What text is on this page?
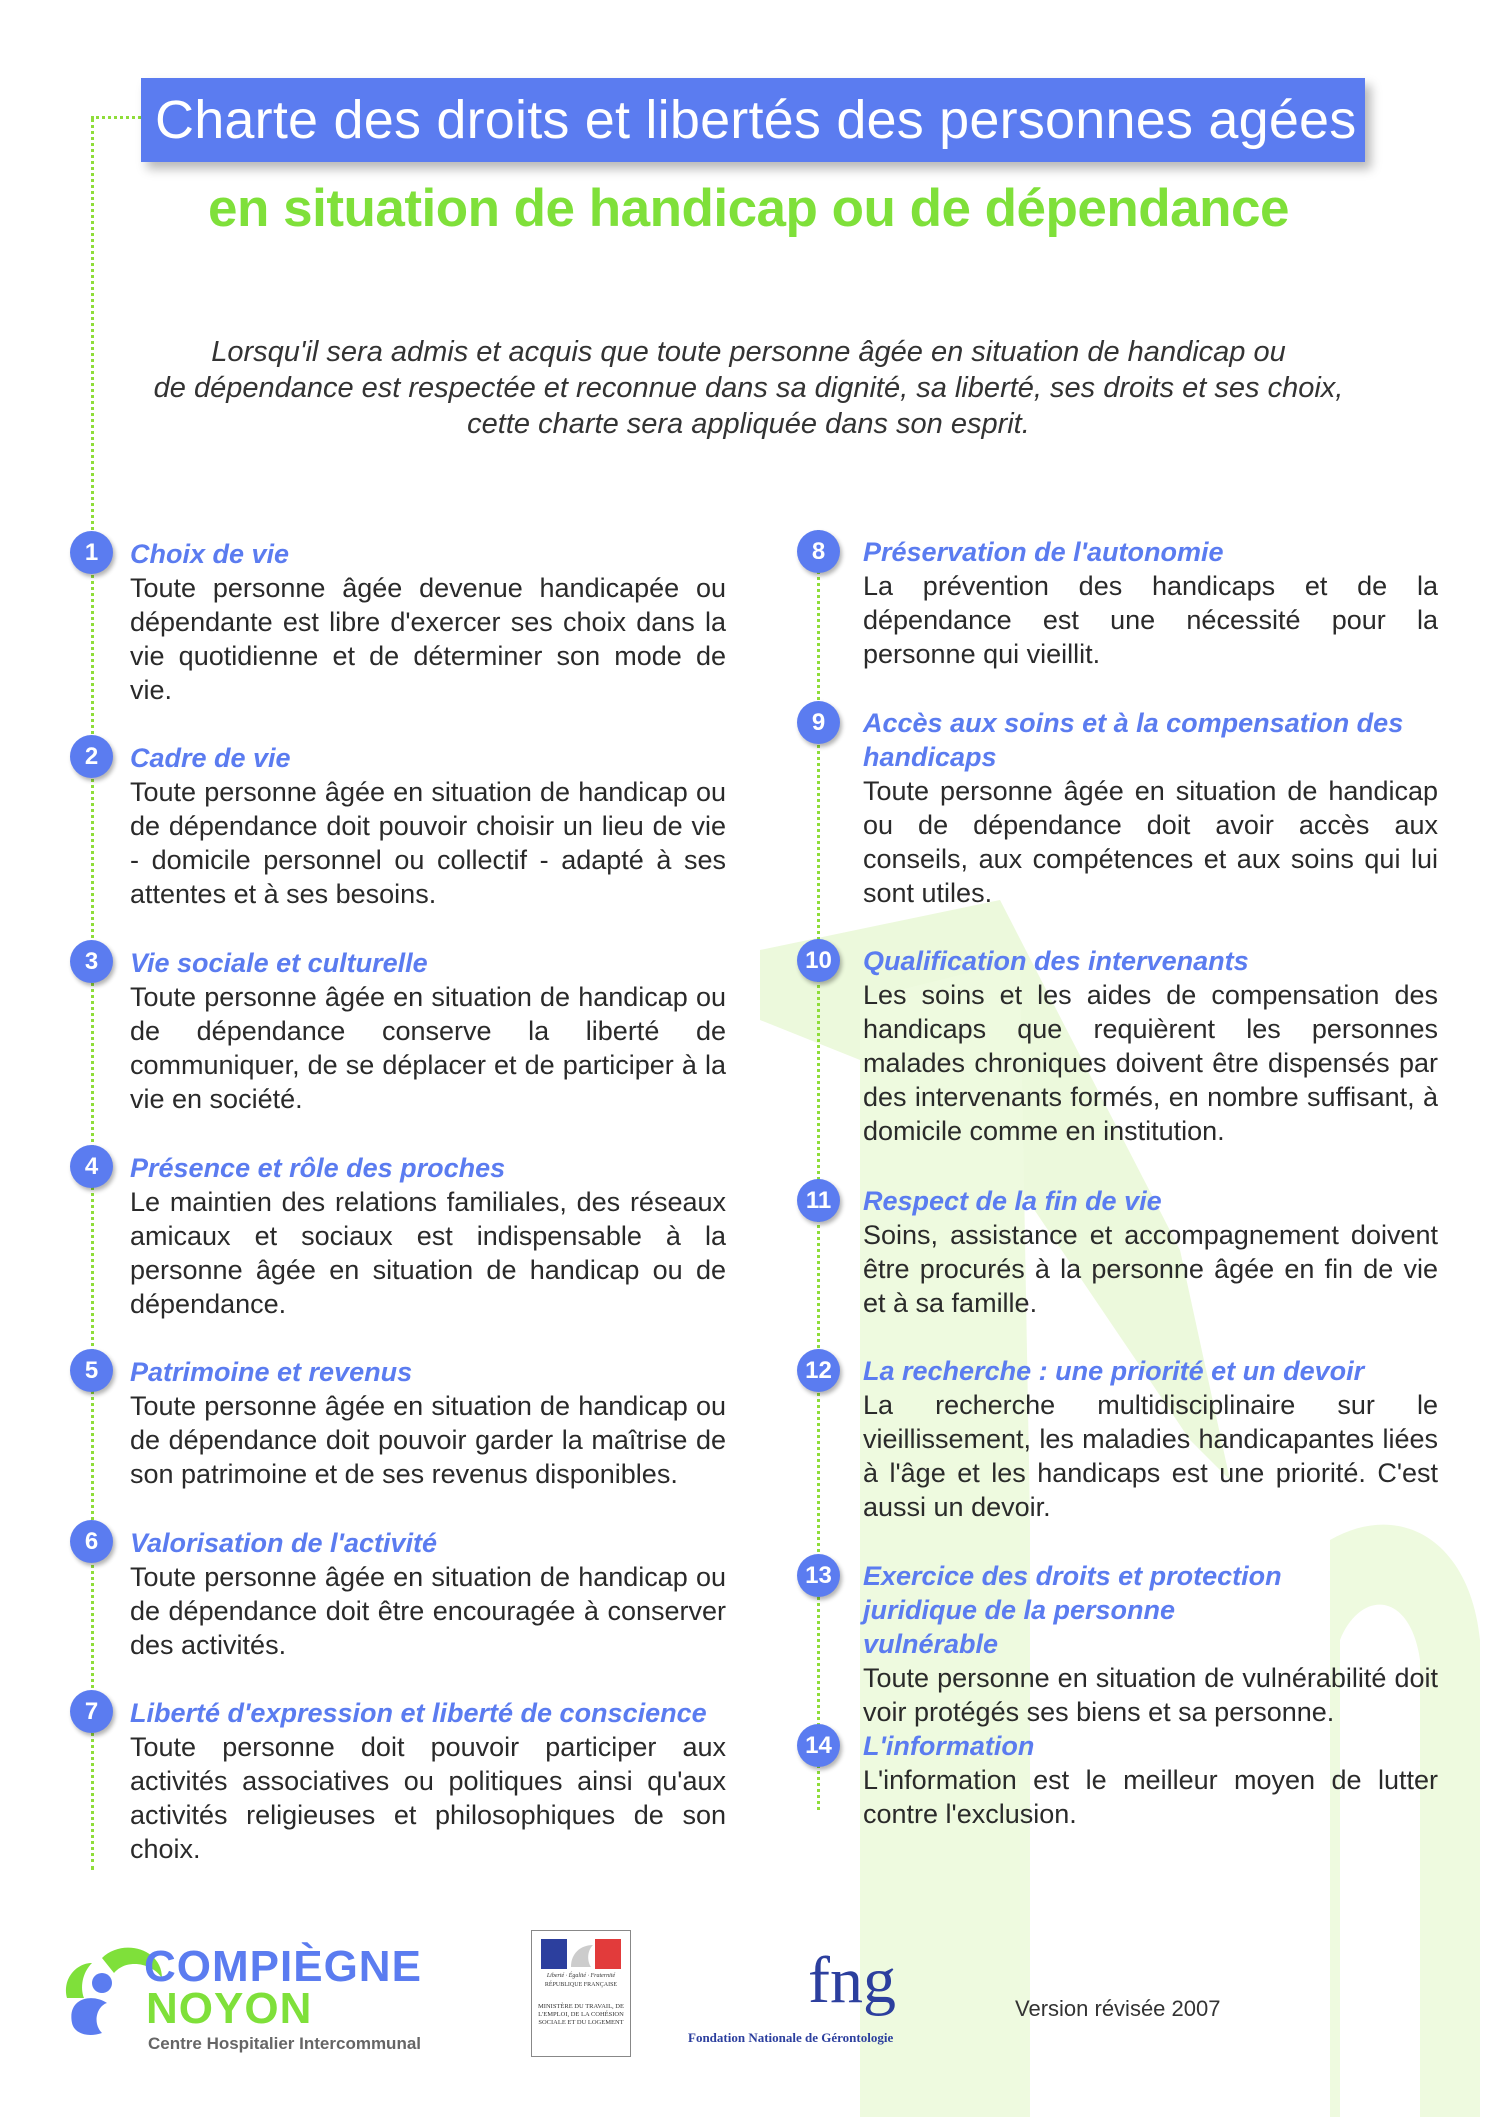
Charte des droits et libertés des personnes agées
en situation de handicap ou de dépendance
Lorsqu'il sera admis et acquis que toute personne âgée en situation de handicap ou
de dépendance est respectée et reconnue dans sa dignité, sa liberté, ses droits et ses choix,
cette charte sera appliquée dans son esprit.
1	Choix de vie
Toute personne âgée devenue handicapée ou dépendante est libre d'exercer ses choix dans la vie quotidienne et de déterminer son mode de vie.
2	Cadre de vie
Toute personne âgée en situation de handicap ou de dépendance doit pouvoir choisir un lieu de vie - domicile personnel ou collectif - adapté à ses attentes et à ses besoins.
3	Vie sociale et culturelle
Toute personne âgée en situation de handicap ou de dépendance conserve la liberté de communiquer, de se déplacer et de participer à la vie en société.
4	Présence et rôle des proches
Le maintien des relations familiales, des réseaux amicaux et sociaux est indispensable à la personne âgée en situation de handicap ou de dépendance.
5	Patrimoine et revenus
Toute personne âgée en situation de handicap ou de dépendance doit pouvoir garder la maîtrise de son patrimoine et de ses revenus disponibles.
6	Valorisation de l'activité
Toute personne âgée en situation de handicap ou de dépendance doit être encouragée à conserver des activités.
7	Liberté d'expression et liberté de conscience
Toute personne doit pouvoir participer aux activités associatives ou politiques ainsi qu'aux activités religieuses et philosophiques de son choix.
8	Préservation de l'autonomie
La prévention des handicaps et de la dépendance est une nécessité pour la personne qui vieillit.
9	Accès aux soins et à la compensation des handicaps
Toute personne âgée en situation de handicap ou de dépendance doit avoir accès aux conseils, aux compétences et aux soins qui lui sont utiles.
10	Qualification des intervenants
Les soins et les aides de compensation des handicaps que requièrent les personnes malades chroniques doivent être dispensés par des intervenants formés, en nombre suffisant, à domicile comme en institution.
11	Respect de la fin de vie
Soins, assistance et accompagnement doivent être procurés à la personne âgée en fin de vie et à sa famille.
12	La recherche : une priorité et un devoir
La recherche multidisciplinaire sur le vieillissement, les maladies handicapantes liées à l'âge et les handicaps est une priorité. C'est aussi un devoir.
13	Exercice des droits et protection juridique de la personne vulnérable
Toute personne en situation de vulnérabilité doit voir protégés ses biens et sa personne.
14	L'information
L'information est le meilleur moyen de lutter contre l'exclusion.
COMPIÈGNE
NOYON
Centre Hospitalier Intercommunal
Liberté · Égalité · Fraternité
RÉPUBLIQUE FRANÇAISE
MINISTÈRE DU TRAVAIL, DE L'EMPLOI, DE LA COHÉSION SOCIALE ET DU LOGEMENT
fng
Fondation Nationale de Gérontologie
Version révisée 2007
